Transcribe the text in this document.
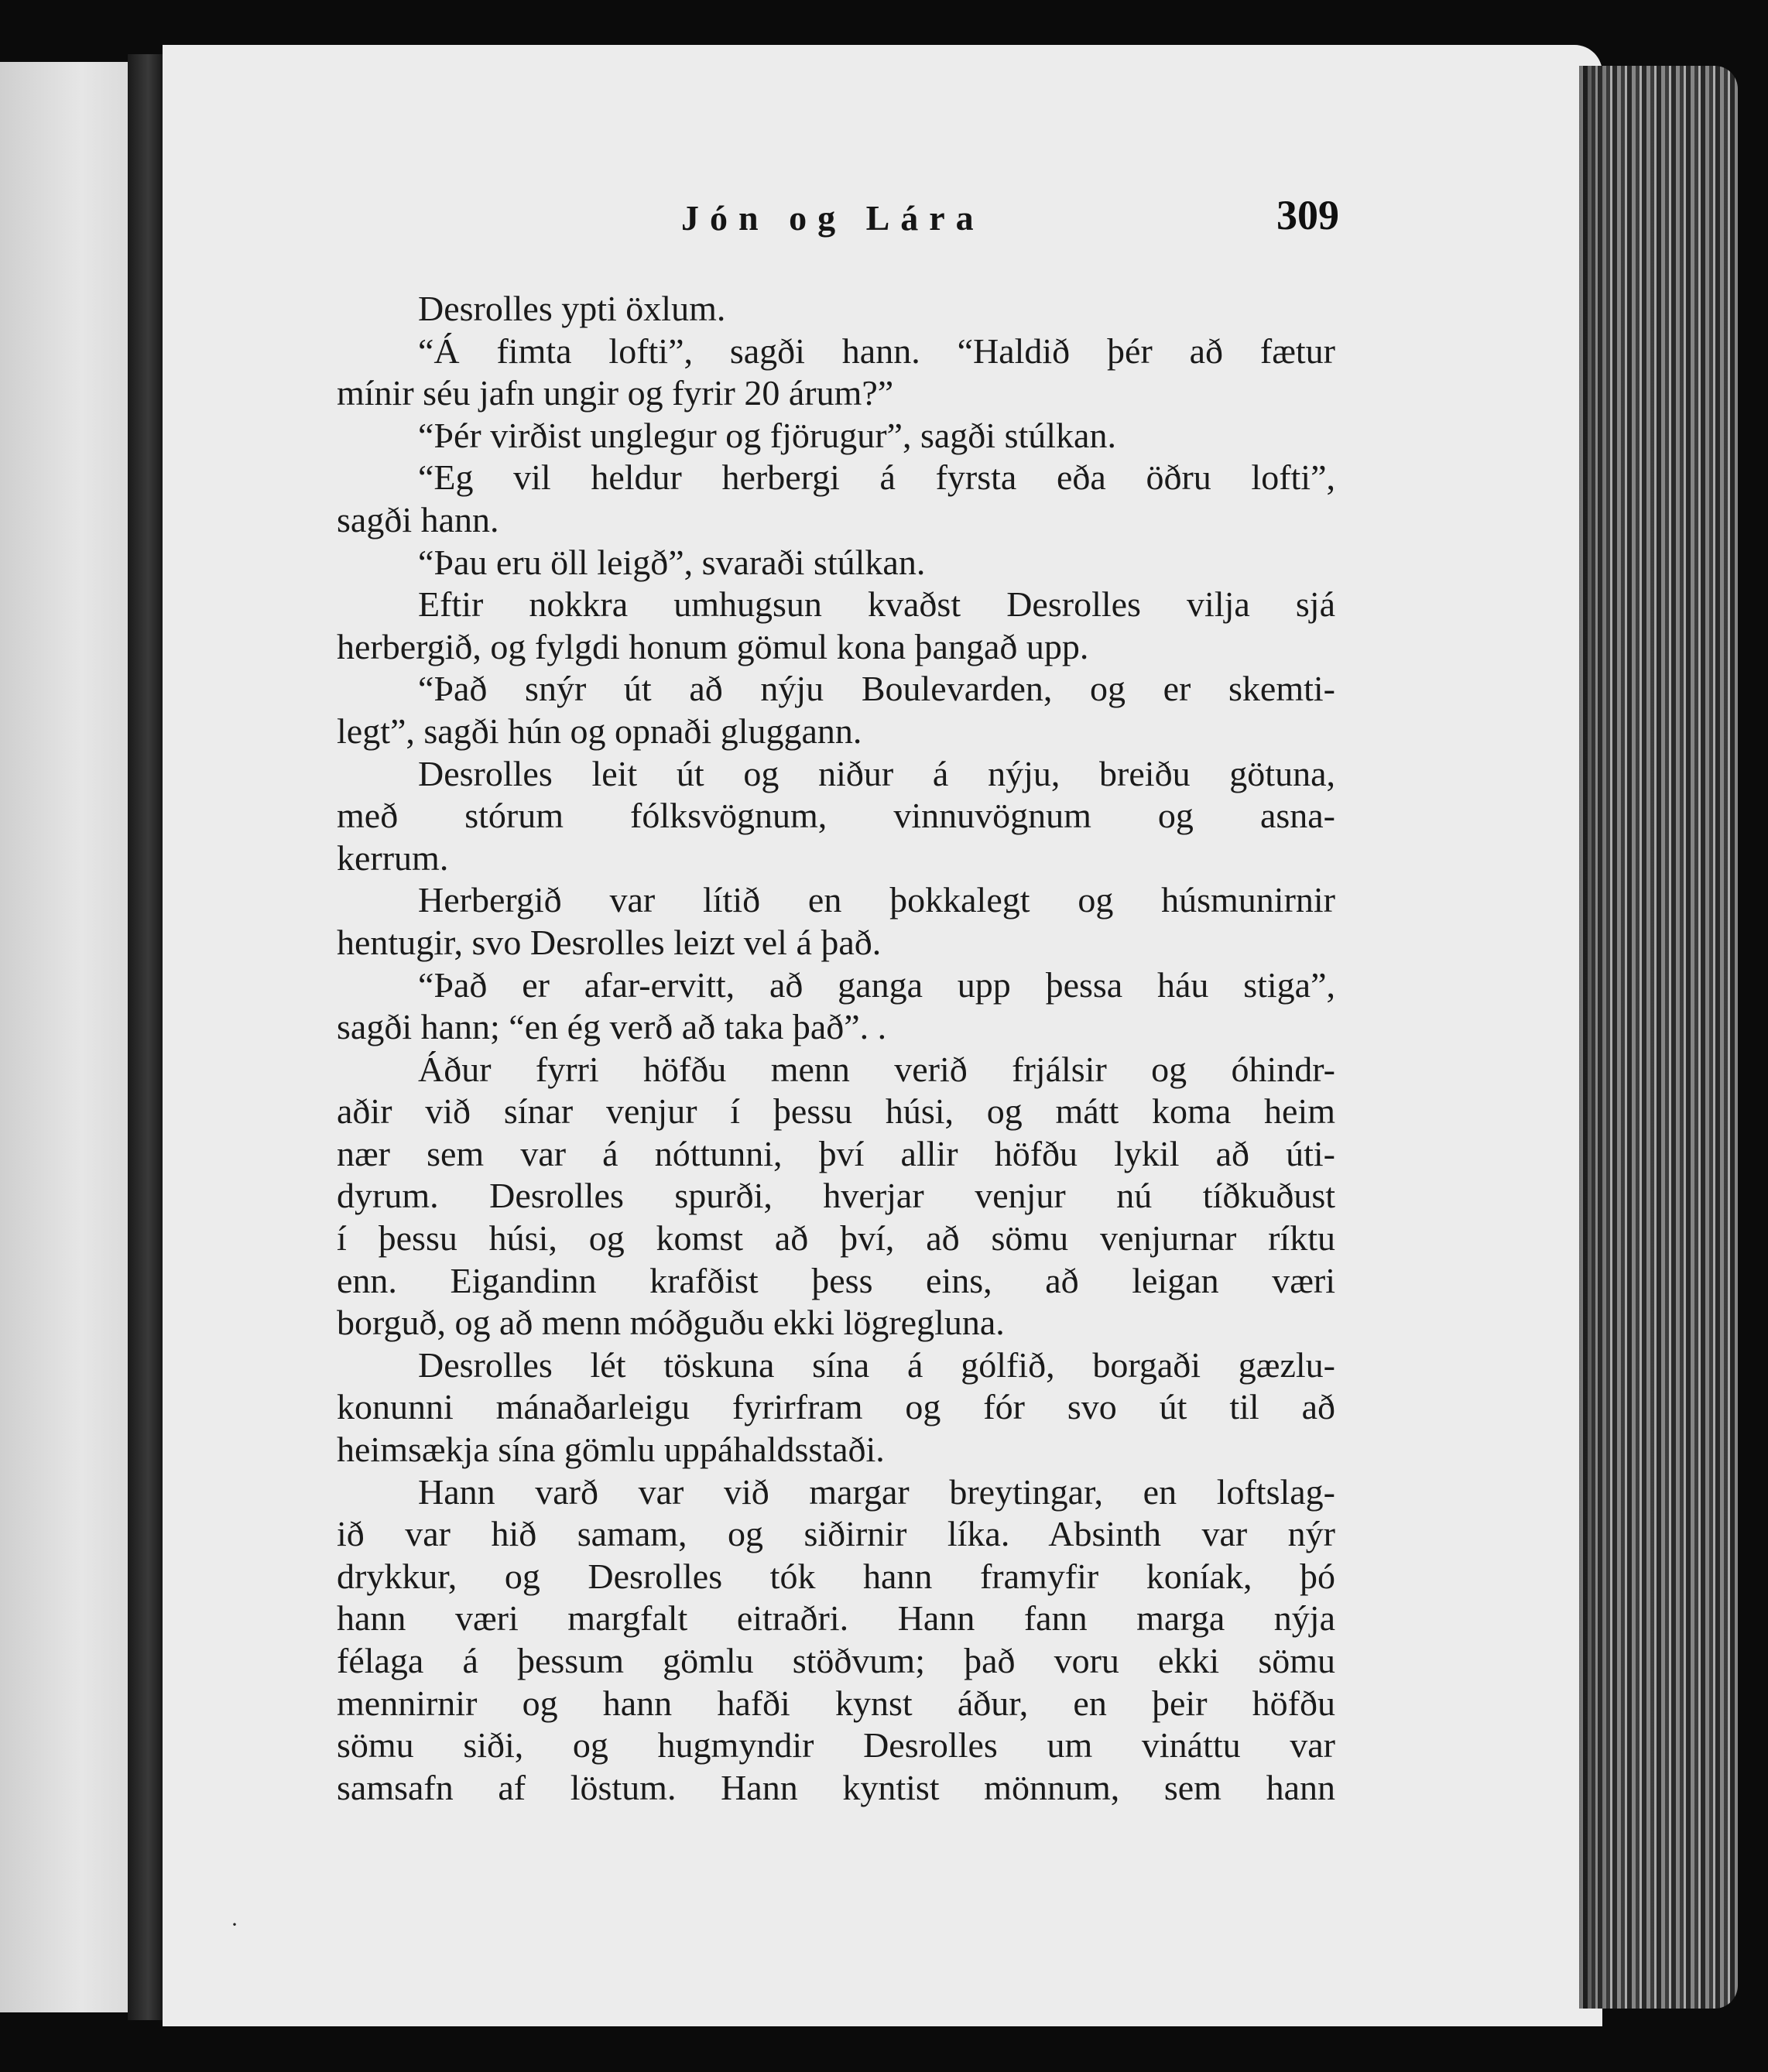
Jón og Lára	309
Desrolles ypti öxlum.
“Á fimta lofti”, sagði hann. “Haldið þér að fætur
mínir séu jafn ungir og fyrir 20 árum?”
“Þér virðist unglegur og fjörugur”, sagði stúlkan.
“Eg vil heldur herbergi á fyrsta eða öðru lofti”,
sagði hann.
“Þau eru öll leigð”, svaraði stúlkan.
Eftir nokkra umhugsun kvaðst Desrolles vilja sjá
herbergið, og fylgdi honum gömul kona þangað upp.
“Það snýr út að nýju Boulevarden, og er skemti-
legt”, sagði hún og opnaði gluggann.
Desrolles leit út og niður á nýju, breiðu götuna,
með stórum fólksvögnum, vinnuvögnum og asna-
kerrum.
Herbergið var lítið en þokkalegt og húsmunirnir
hentugir, svo Desrolles leizt vel á það.
“Það er afar-ervitt, að ganga upp þessa háu stiga”,
sagði hann; “en ég verð að taka það”. .
Áður fyrri höfðu menn verið frjálsir og óhindr-
aðir við sínar venjur í þessu húsi, og mátt koma heim
nær sem var á nóttunni, því allir höfðu lykil að úti-
dyrum. Desrolles spurði, hverjar venjur nú tíðkuðust
í þessu húsi, og komst að því, að sömu venjurnar ríktu
enn. Eigandinn krafðist þess eins, að leigan væri
borguð, og að menn móðguðu ekki lögregluna.
Desrolles lét töskuna sína á gólfið, borgaði gæzlu-
konunni mánaðarleigu fyrirfram og fór svo út til að
heimsækja sína gömlu uppáhaldsstaði.
Hann varð var við margar breytingar, en loftslag-
ið var hið samam, og siðirnir líka. Absinth var nýr
drykkur, og Desrolles tók hann framyfir koníak, þó
hann væri margfalt eitraðri. Hann fann marga nýja
félaga á þessum gömlu stöðvum; það voru ekki sömu
mennirnir og hann hafði kynst áður, en þeir höfðu
sömu siði, og hugmyndir Desrolles um vináttu var
samsafn af löstum. Hann kyntist mönnum, sem hann
·
